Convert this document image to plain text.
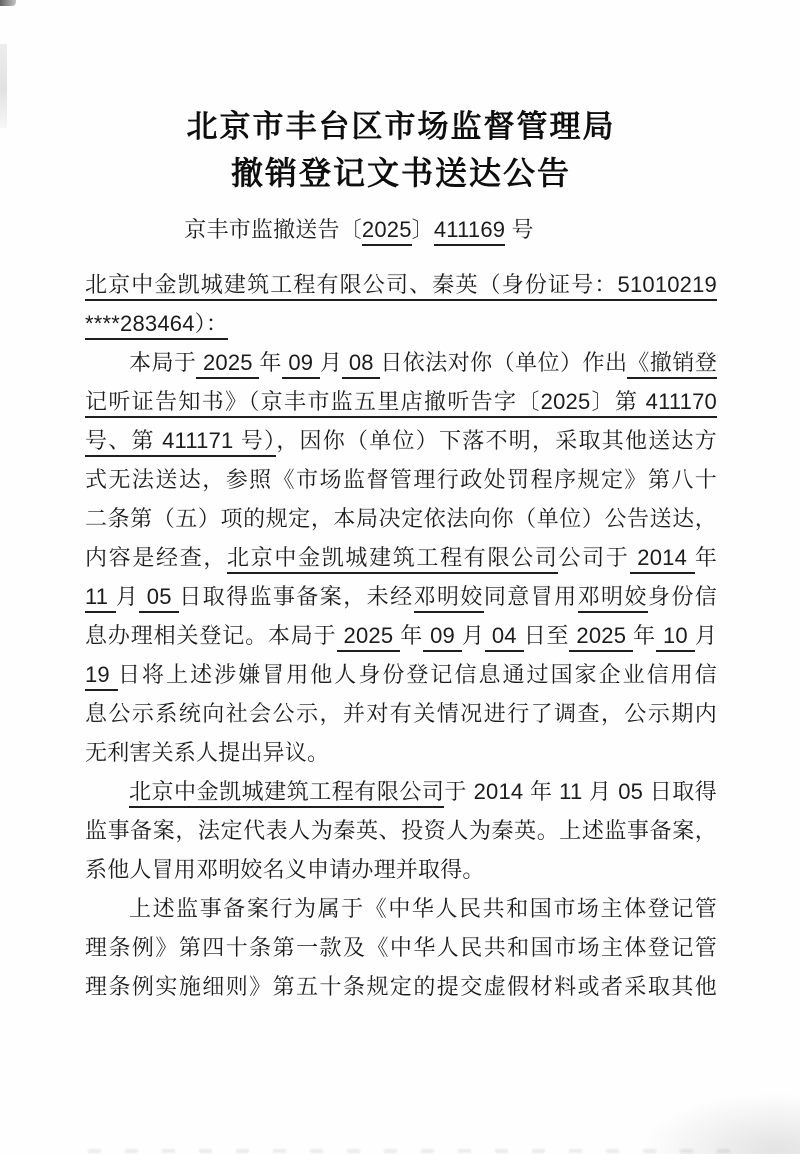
北京市丰台区市场监督管理局
撤销登记文书送达公告
京丰市监撤送告〔2025〕411169 号
北京中金凯城建筑工程有限公司、秦英（身份证号：51010219
****283464）：
本局于 2025 年 09 月 08 日依法对你（单位）作出《撤销登
记听证告知书》（京丰市监五里店撤听告字〔2025〕第 411170
号、第 411171 号），因你（单位）下落不明，采取其他送达方
式无法送达，参照《市场监督管理行政处罚程序规定》第八十
二条第（五）项的规定，本局决定依法向你（单位）公告送达，
内容是经查，北京中金凯城建筑工程有限公司公司于 2014 年
11 月 05 日取得监事备案，未经邓明姣同意冒用邓明姣身份信
息办理相关登记。本局于 2025 年 09 月 04 日至 2025 年 10 月
19 日将上述涉嫌冒用他人身份登记信息通过国家企业信用信
息公示系统向社会公示，并对有关情况进行了调查，公示期内
无利害关系人提出异议。
北京中金凯城建筑工程有限公司于 2014 年 11 月 05 日取得
监事备案，法定代表人为秦英、投资人为秦英。上述监事备案，
系他人冒用邓明姣名义申请办理并取得。
上述监事备案行为属于《中华人民共和国市场主体登记管
理条例》第四十条第一款及《中华人民共和国市场主体登记管
理条例实施细则》第五十条规定的提交虚假材料或者采取其他
